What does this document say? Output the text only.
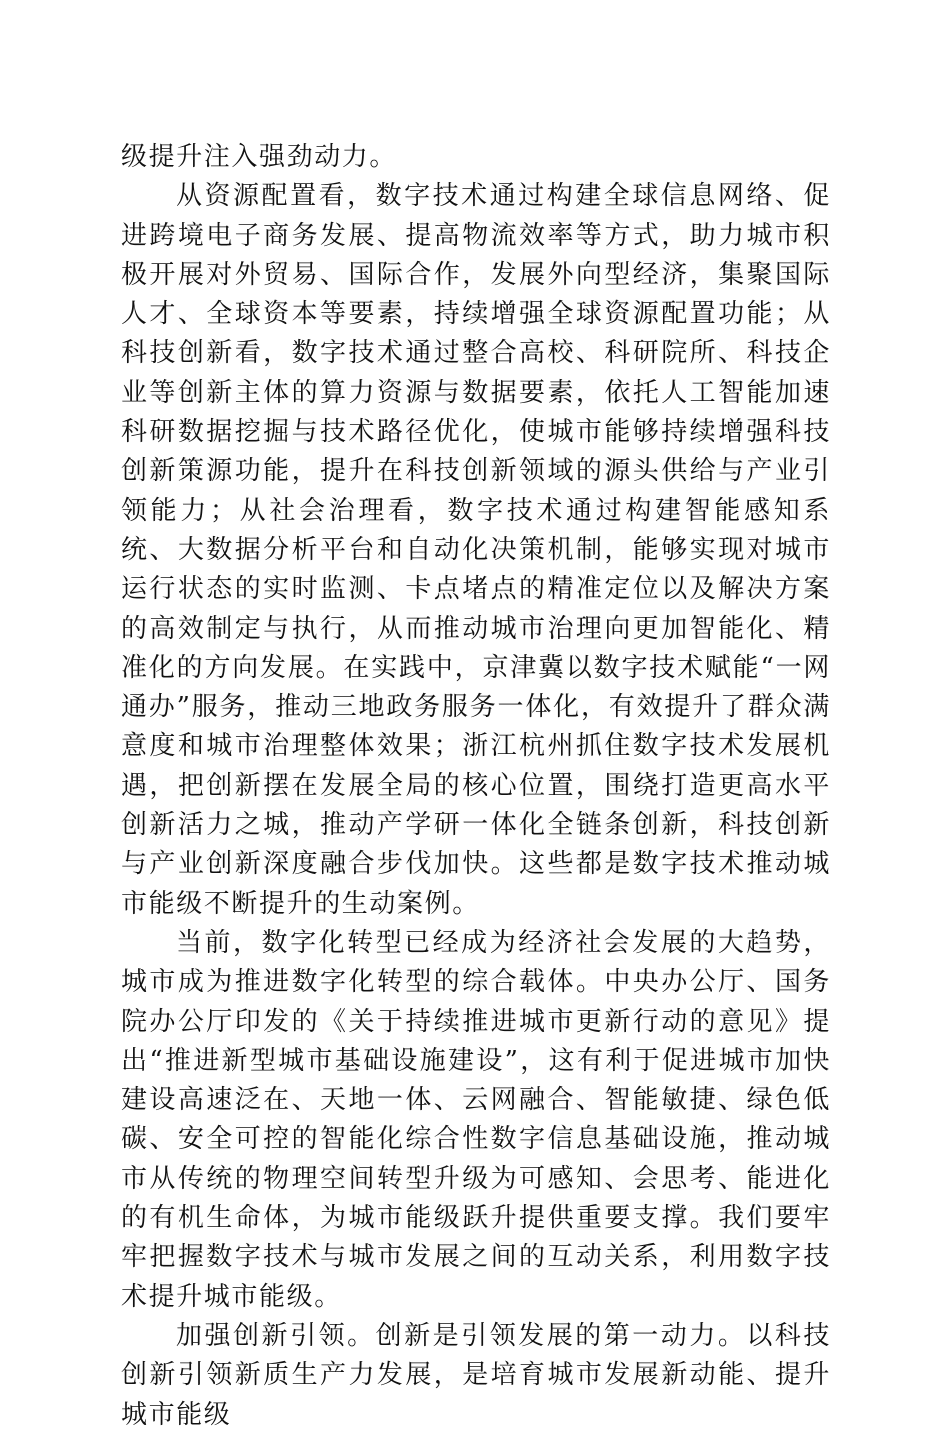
级提升注入强劲动力。

从资源配置看，数字技术通过构建全球信息网络、促进跨境电子商务发展、提高物流效率等方式，助力城市积极开展对外贸易、国际合作，发展外向型经济，集聚国际人才、全球资本等要素，持续增强全球资源配置功能；从科技创新看，数字技术通过整合高校、科研院所、科技企业等创新主体的算力资源与数据要素，依托人工智能加速科研数据挖掘与技术路径优化，使城市能够持续增强科技创新策源功能，提升在科技创新领域的源头供给与产业引领能力；从社会治理看，数字技术通过构建智能感知系统、大数据分析平台和自动化决策机制，能够实现对城市运行状态的实时监测、卡点堵点的精准定位以及解决方案的高效制定与执行，从而推动城市治理向更加智能化、精准化的方向发展。在实践中，京津冀以数字技术赋能“一网通办”服务，推动三地政务服务一体化，有效提升了群众满意度和城市治理整体效果；浙江杭州抓住数字技术发展机遇，把创新摆在发展全局的核心位置，围绕打造更高水平创新活力之城，推动产学研一体化全链条创新，科技创新与产业创新深度融合步伐加快。这些都是数字技术推动城市能级不断提升的生动案例。

当前，数字化转型已经成为经济社会发展的大趋势，城市成为推进数字化转型的综合载体。中央办公厅、国务院办公厅印发的《关于持续推进城市更新行动的意见》提出“推进新型城市基础设施建设”，这有利于促进城市加快建设高速泛在、天地一体、云网融合、智能敏捷、绿色低碳、安全可控的智能化综合性数字信息基础设施，推动城市从传统的物理空间转型升级为可感知、会思考、能进化的有机生命体，为城市能级跃升提供重要支撑。我们要牢牢把握数字技术与城市发展之间的互动关系，利用数字技术提升城市能级。

加强创新引领。创新是引领发展的第一动力。以科技创新引领新质生产力发展，是培育城市发展新动能、提升城市能级
